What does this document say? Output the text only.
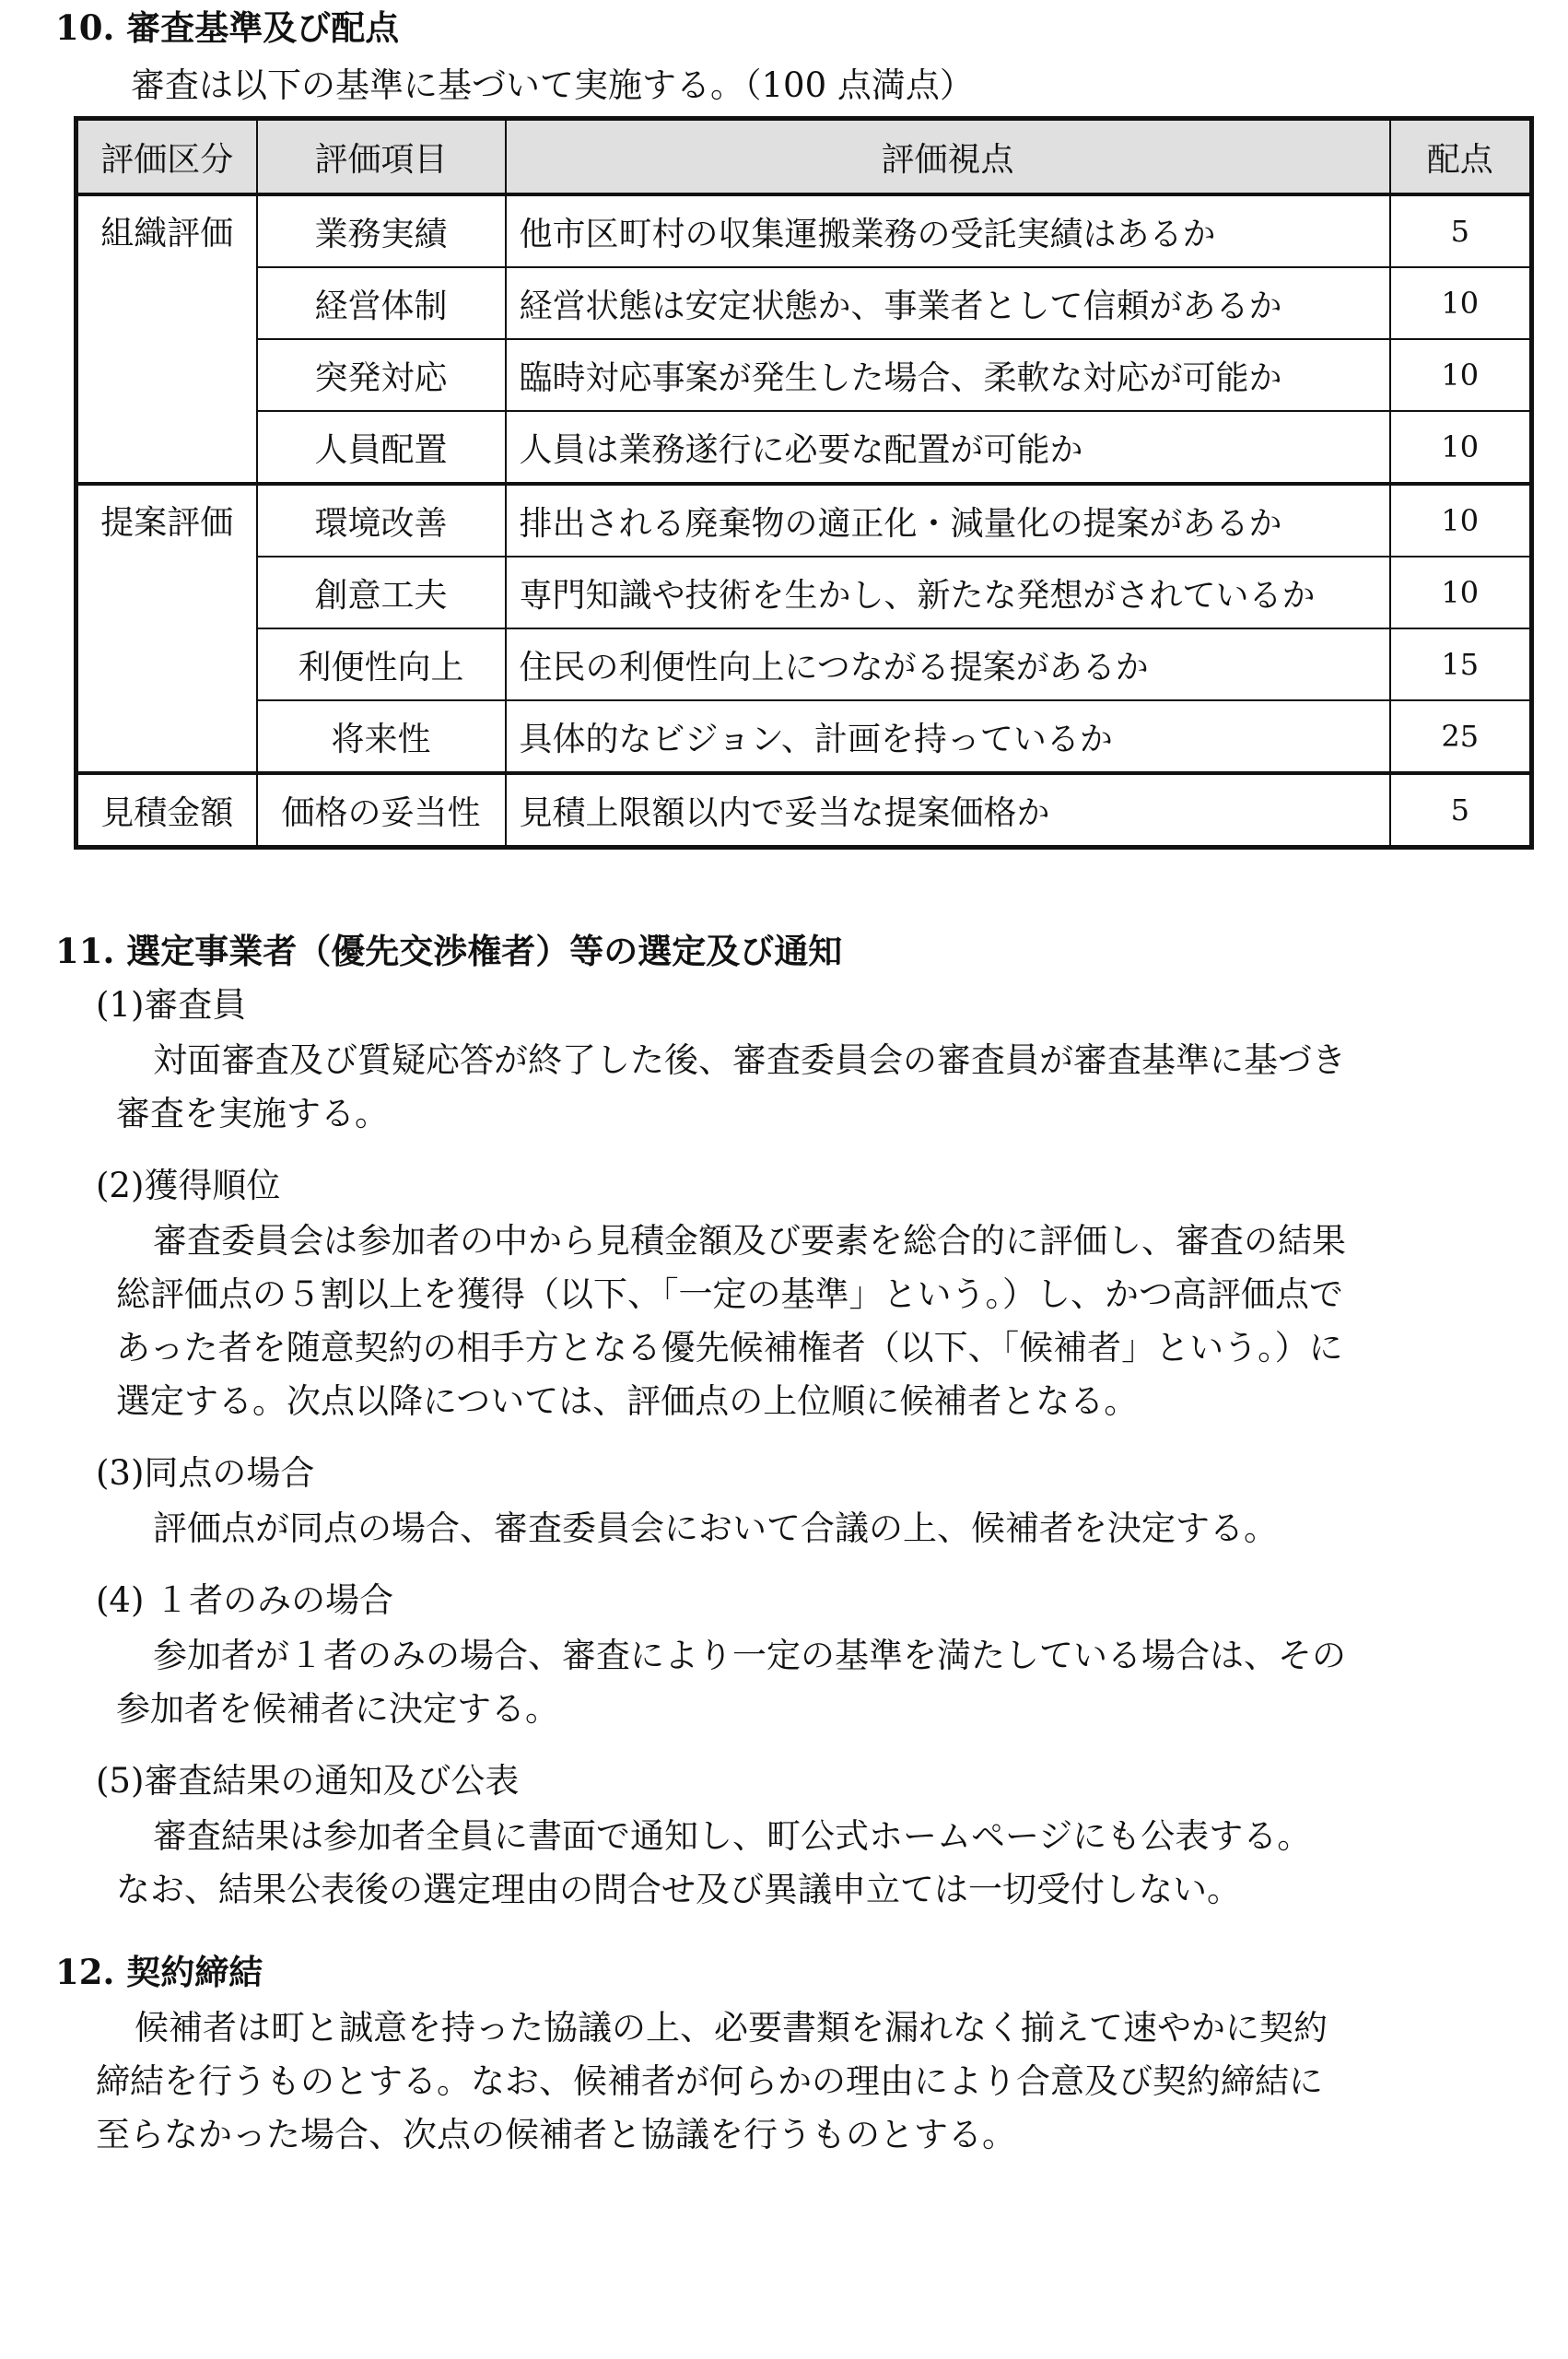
10. 審査基準及び配点
審査は以下の基準に基づいて実施する。（100 点満点）
評価区分	評価項目	評価視点	配点
組織評価	業務実績	他市区町村の収集運搬業務の受託実績はあるか	5
	経営体制	経営状態は安定状態か、事業者として信頼があるか	10
	突発対応	臨時対応事案が発生した場合、柔軟な対応が可能か	10
	人員配置	人員は業務遂行に必要な配置が可能か	10
提案評価	環境改善	排出される廃棄物の適正化・減量化の提案があるか	10
	創意工夫	専門知識や技術を生かし、新たな発想がされているか	10
	利便性向上	住民の利便性向上につながる提案があるか	15
	将来性	具体的なビジョン、計画を持っているか	25
見積金額	価格の妥当性	見積上限額以内で妥当な提案価格か	5
11. 選定事業者（優先交渉権者）等の選定及び通知
(1)審査員
対面審査及び質疑応答が終了した後、審査委員会の審査員が審査基準に基づき
審査を実施する。
(2)獲得順位
審査委員会は参加者の中から見積金額及び要素を総合的に評価し、審査の結果
総評価点の５割以上を獲得（以下、「一定の基準」という。）し、かつ高評価点で
あった者を随意契約の相手方となる優先候補権者（以下、「候補者」という。）に
選定する。次点以降については、評価点の上位順に候補者となる。
(3)同点の場合
評価点が同点の場合、審査委員会において合議の上、候補者を決定する。
(4) １者のみの場合
参加者が１者のみの場合、審査により一定の基準を満たしている場合は、その
参加者を候補者に決定する。
(5)審査結果の通知及び公表
審査結果は参加者全員に書面で通知し、町公式ホームページにも公表する。
なお、結果公表後の選定理由の問合せ及び異議申立ては一切受付しない。
12. 契約締結
候補者は町と誠意を持った協議の上、必要書類を漏れなく揃えて速やかに契約
締結を行うものとする。なお、候補者が何らかの理由により合意及び契約締結に
至らなかった場合、次点の候補者と協議を行うものとする。
